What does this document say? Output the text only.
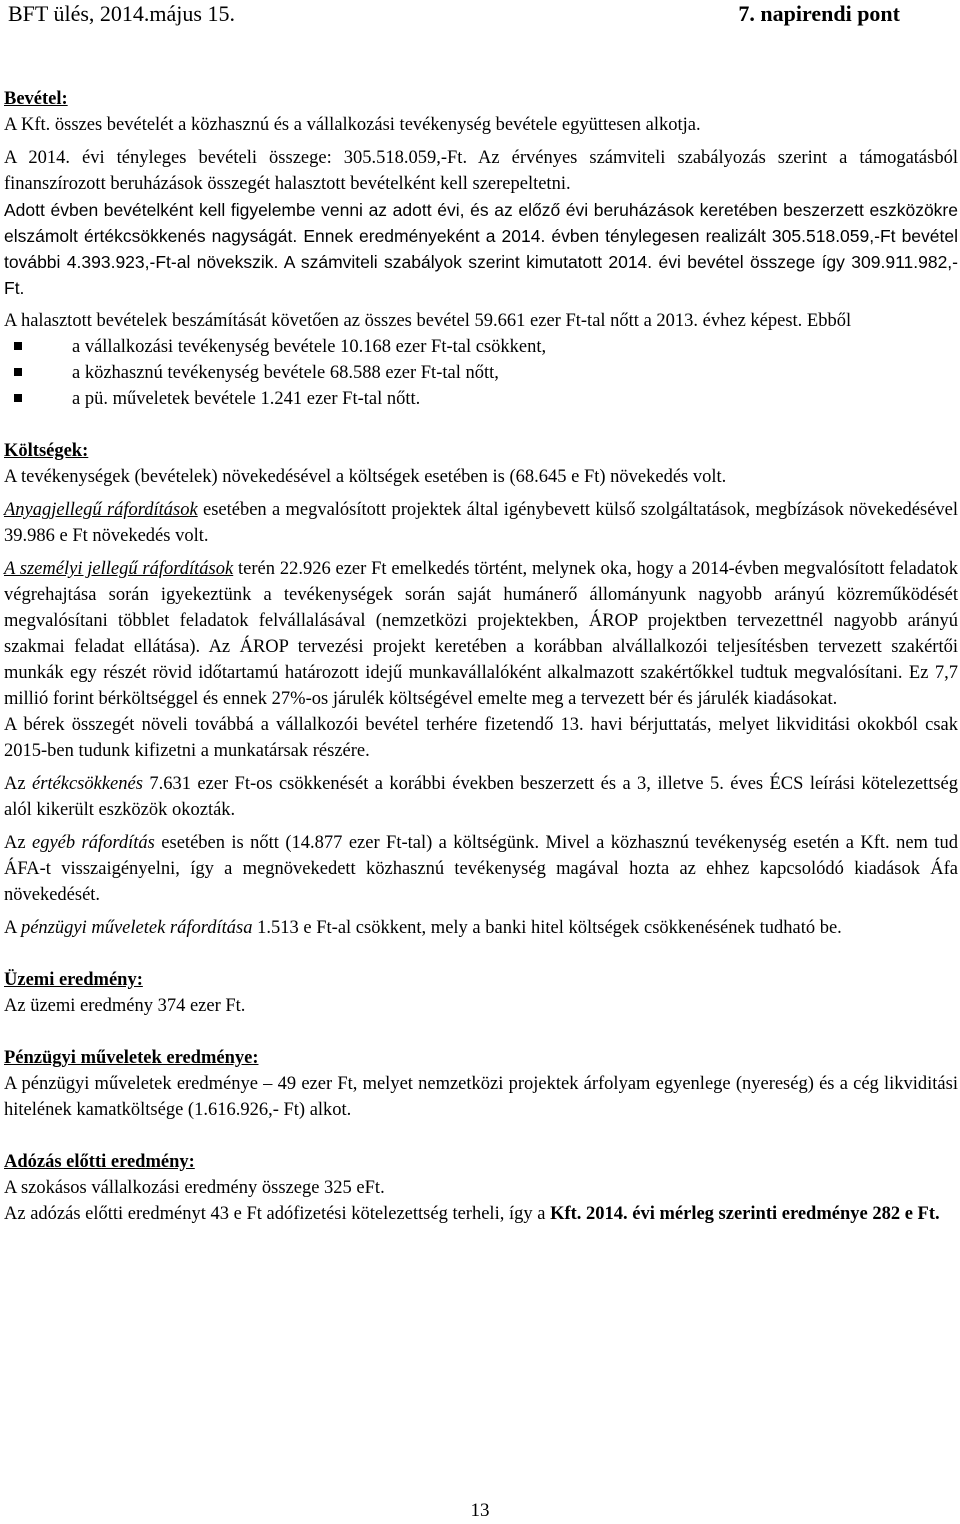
BFT ülés, 2014.május 15.	7. napirendi pont
Bevétel:

A Kft. összes bevételét a közhasznú és a vállalkozási tevékenység bevétele együttesen alkotja.

A 2014. évi tényleges bevételi összege: 305.518.059,-Ft. Az érvényes számviteli szabályozás szerint a támogatásból finanszírozott beruházások összegét halasztott bevételként kell szerepeltetni.

Adott évben bevételként kell figyelembe venni az adott évi, és az előző évi beruházások keretében beszerzett eszközökre elszámolt értékcsökkenés nagyságát. Ennek eredményeként a 2014. évben ténylegesen realizált 305.518.059,-Ft bevétel további 4.393.923,-Ft-al növekszik. A számviteli szabályok szerint kimutatott 2014. évi bevétel összege így 309.911.982,-Ft.

A halasztott bevételek beszámítását követően az összes bevétel 59.661 ezer Ft-tal nőtt a 2013. évhez képest. Ebből

a vállalkozási tevékenység bevétele 10.168 ezer Ft-tal csökkent,
a közhasznú tevékenység bevétele 68.588 ezer Ft-tal nőtt,
a pü. műveletek bevétele 1.241 ezer Ft-tal nőtt.
Költségek:

A tevékenységek (bevételek) növekedésével a költségek esetében is (68.645 e Ft) növekedés volt.

Anyagjellegű ráfordítások esetében a megvalósított projektek által igénybevett külső szolgáltatások, megbízások növekedésével 39.986 e Ft növekedés volt.

A személyi jellegű ráfordítások terén 22.926 ezer Ft emelkedés történt, melynek oka, hogy a 2014-évben megvalósított feladatok végrehajtása során igyekeztünk a tevékenységek során saját humánerő állományunk nagyobb arányú közreműködését megvalósítani többlet feladatok felvállalásával (nemzetközi projektekben, ÁROP projektben tervezettnél nagyobb arányú szakmai feladat ellátása). Az ÁROP tervezési projekt keretében a korábban alvállalkozói teljesítésben tervezett szakértői munkák egy részét rövid időtartamú határozott idejű munkavállalóként alkalmazott szakértőkkel tudtuk megvalósítani. Ez 7,7 millió forint bérköltséggel és ennek 27%-os járulék költségével emelte meg a tervezett bér és járulék kiadásokat.

A bérek összegét növeli továbbá a vállalkozói bevétel terhére fizetendő 13. havi bérjuttatás, melyet likviditási okokból csak 2015-ben tudunk kifizetni a munkatársak részére.

Az értékcsökkenés 7.631 ezer Ft-os csökkenését a korábbi években beszerzett és a 3, illetve 5. éves ÉCS leírási kötelezettség alól kikerült eszközök okozták.

Az egyéb ráfordítás esetében is nőtt (14.877 ezer Ft-tal) a költségünk. Mivel a közhasznú tevékenység esetén a Kft. nem tud ÁFA-t visszaigényelni, így a megnövekedett közhasznú tevékenység magával hozta az ehhez kapcsolódó kiadások Áfa növekedését.

A pénzügyi műveletek ráfordítása 1.513 e Ft-al csökkent, mely a banki hitel költségek csökkenésének tudható be.

Üzemi eredmény:

Az üzemi eredmény 374 ezer Ft.

Pénzügyi műveletek eredménye:

A pénzügyi műveletek eredménye – 49 ezer Ft, melyet nemzetközi projektek árfolyam egyenlege (nyereség) és a cég likviditási hitelének kamatköltsége (1.616.926,- Ft) alkot.

Adózás előtti eredmény:

A szokásos vállalkozási eredmény összege 325 eFt.

Az adózás előtti eredményt 43 e Ft adófizetési kötelezettség terheli, így a Kft. 2014. évi mérleg szerinti eredménye 282 e Ft.

13
